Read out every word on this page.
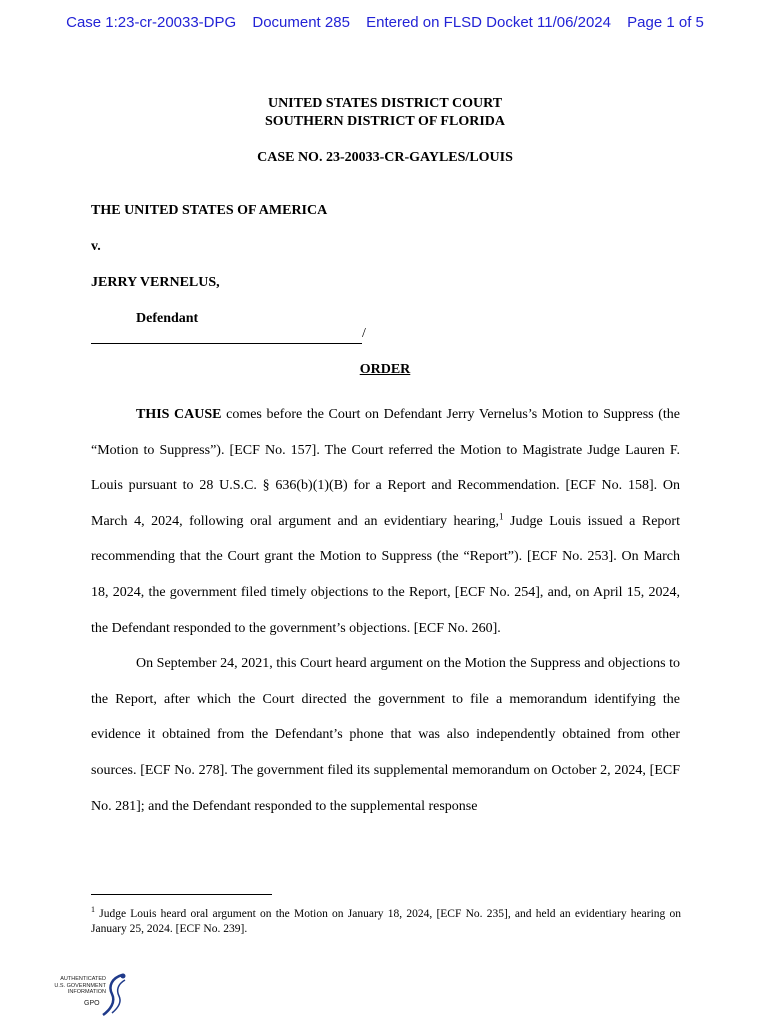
Case 1:23-cr-20033-DPG Document 285 Entered on FLSD Docket 11/06/2024 Page 1 of 5
UNITED STATES DISTRICT COURT
SOUTHERN DISTRICT OF FLORIDA
CASE NO. 23-20033-CR-GAYLES/LOUIS
THE UNITED STATES OF AMERICA
v.
JERRY VERNELUS,
Defendant
/
ORDER

THIS CAUSE comes before the Court on Defendant Jerry Vernelus’s Motion to Suppress (the “Motion to Suppress”). [ECF No. 157]. The Court referred the Motion to Magistrate Judge Lauren F. Louis pursuant to 28 U.S.C. § 636(b)(1)(B) for a Report and Recommendation. [ECF No. 158]. On March 4, 2024, following oral argument and an evidentiary hearing,$^1$ Judge Louis issued a Report recommending that the Court grant the Motion to Suppress (the “Report”). [ECF No. 253]. On March 18, 2024, the government filed timely objections to the Report, [ECF No. 254], and, on April 15, 2024, the Defendant responded to the government’s objections. [ECF No. 260].

On September 24, 2021, this Court heard argument on the Motion the Suppress and objections to the Report, after which the Court directed the government to file a memorandum identifying the evidence it obtained from the Defendant’s phone that was also independently obtained from other sources. [ECF No. 278]. The government filed its supplemental memorandum on October 2, 2024, [ECF No. 281]; and the Defendant responded to the supplemental response

$^1$ Judge Louis heard oral argument on the Motion on January 18, 2024, [ECF No. 235], and held an evidentiary hearing on January 25, 2024. [ECF No. 239].
AUTHENTICATED
U.S. GOVERNMENT
INFORMATION
GPO
